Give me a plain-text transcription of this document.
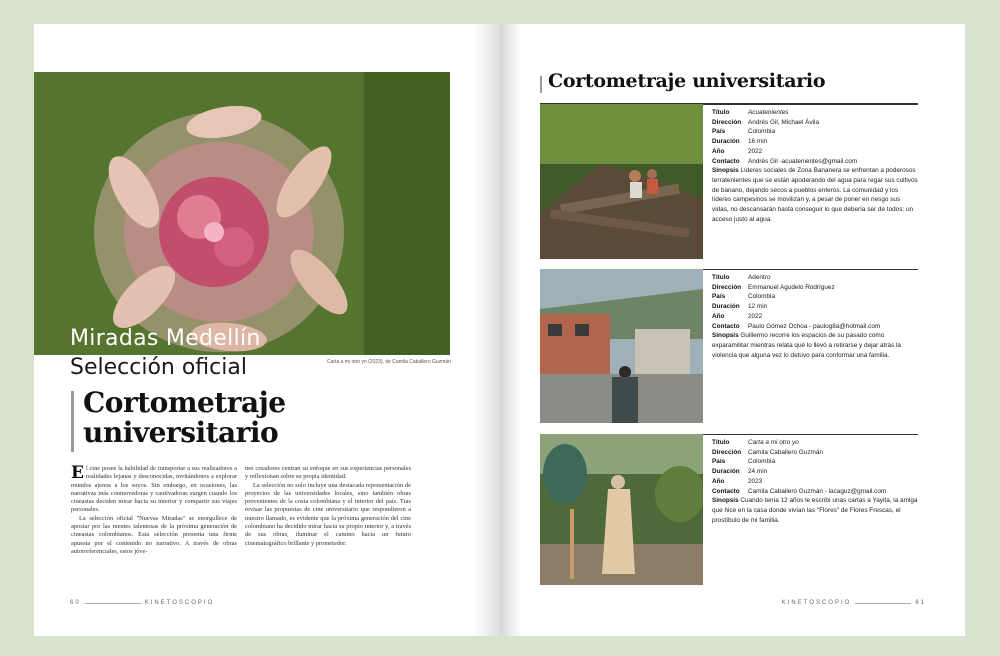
Miradas Medellín
Carta a mi otro yo (2023), de Camila Caballero Guzmán
Selección oficial
Cortometraje
universitario

El cine posee la habilidad de transportar a sus realizadores a realidades lejanas y desconocidas, invitándonos a explorar mundos ajenos a los suyos. Sin embargo, en ocasiones, las narrativas más conmovedoras y cautivadoras surgen cuando los cineastas deciden mirar hacia su interior y compartir sus viajes personales.

La selección oficial "Nuevas Miradas" se enorgullece de apostar por las mentes talentosas de la próxima generación de cineastas colombianos. Esta selección presenta una firme apuesta por el contenido no narrativo. A través de obras autorreferenciales, estos jóve-

nes creadores centran su enfoque en sus experiencias personales y reflexionan sobre su propia identidad.

La selección no solo incluye una destacada representación de proyectos de las universidades locales, sino también obras provenientes de la costa colombiana y el interior del país. Tras revisar las propuestas de cine universitario que respondieron a nuestro llamado, es evidente que la próxima generación del cine colombiano ha decidido mirar hacia su propio interior y, a través de sus obras, iluminar el camino hacia un futuro cinematográfico brillante y prometedor.

60	KINETOSCOPIO
Cortometraje universitario
Título	Acuatenientes
Dirección	Andrés Gil, Michael Ávila
País	Colombia
Duración	16 min
Año	2022
Contacto	Andrés Gil -acuatenientes@gmail.com
Sinopsis Líderes sociales de Zona Bananera se enfrentan a poderosos terratenientes que se están apoderando del agua para regar sus cultivos de banano, dejando secos a pueblos enteros. La comunidad y los líderes campesinos se movilizan y, a pesar de poner en riesgo sus vidas, no descansarán hasta conseguir lo que debería ser de todos: un acceso justo al agua.
Título	Adentro
Dirección	Emmanuel Agudelo Rodríguez
País	Colombia
Duración	12 min
Año	2022
Contacto	Paulo Gómez Ochoa - paulog8a@hotmail.com
Sinopsis Guillermo recorre los espacios de su pasado como exparamilitar mientras relata qué lo llevó a retirarse y dejar atrás la violencia que alguna vez lo detuvo para conformar una familia.
Título	Carta a mi otro yo
Dirección	Camila Caballero Guzmán
País	Colombia
Duración	24 min
Año	2023
Contacto	Camila Caballero Guzmán - lacaguz@gmail.com
Sinopsis Cuando tenía 12 años le escribí unas cartas a Yayita, la amiga que hice en la casa donde vivían las "Flores" de Flores Frescas, el prostíbulo de mi familia.
KINETOSCOPIO	61
